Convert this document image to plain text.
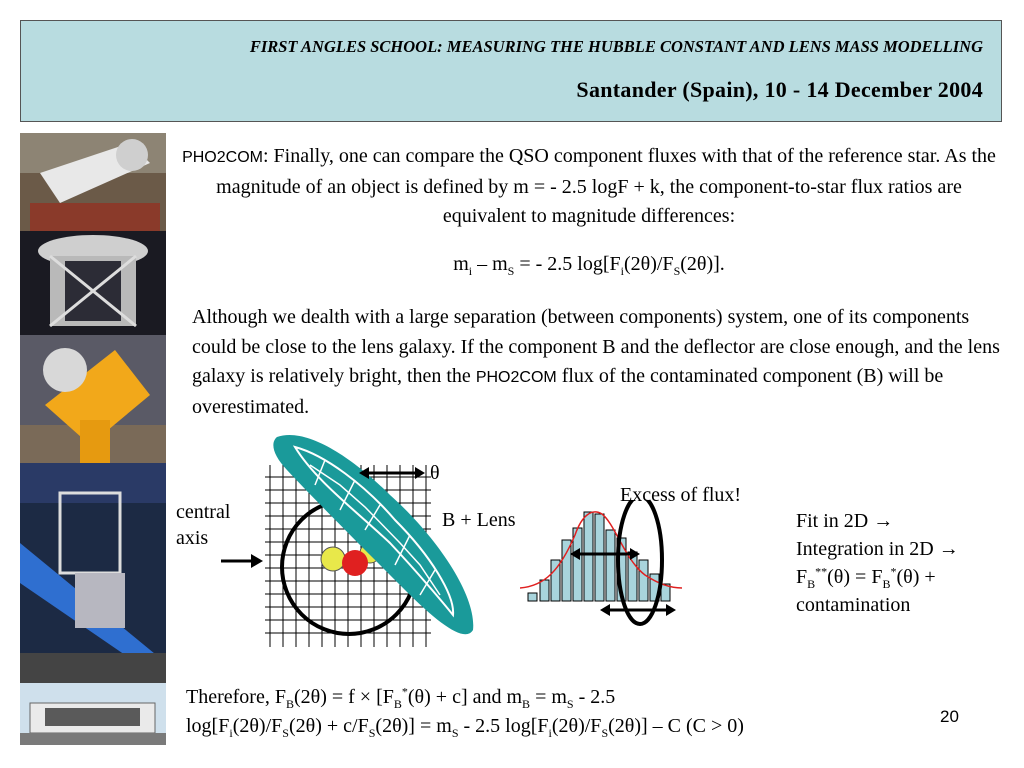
FIRST ANGLES SCHOOL: MEASURING THE HUBBLE CONSTANT AND LENS MASS MODELLING
Santander (Spain), 10 - 14 December 2004
PHO2COM: Finally, one can compare the QSO component fluxes with that of the reference star. As the magnitude of an object is defined by m = - 2.5 logF + k, the component-to-star flux ratios are equivalent to magnitude differences:
$m_i - m_S$ = - 2.5 $\log[F_i(2\theta)/F_S(2\theta)]$.
Although we dealth with a large separation (between components) system, one of its components could be close to the lens galaxy. If the component B and the deflector are close enough, and the lens galaxy is relatively bright, then the PHO2COM flux of the contaminated component (B) will be overestimated.
θ
central
axis
B + Lens
Excess of flux!
Fit in 2D →
Integration in 2D →
$F_B^{**}(\theta) = F_B^*(\theta)$ +
contamination
Therefore, $F_B(2\theta) = f \times [F_B^*(\theta) + c]$ and $m_B = m_S - 2.5$
$\log[F_i(2\theta)/F_S(2\theta) + c/F_S(2\theta)] = m_S - 2.5$ $\log[F_i(2\theta)/F_S(2\theta)]$ – C (C > 0)	20
